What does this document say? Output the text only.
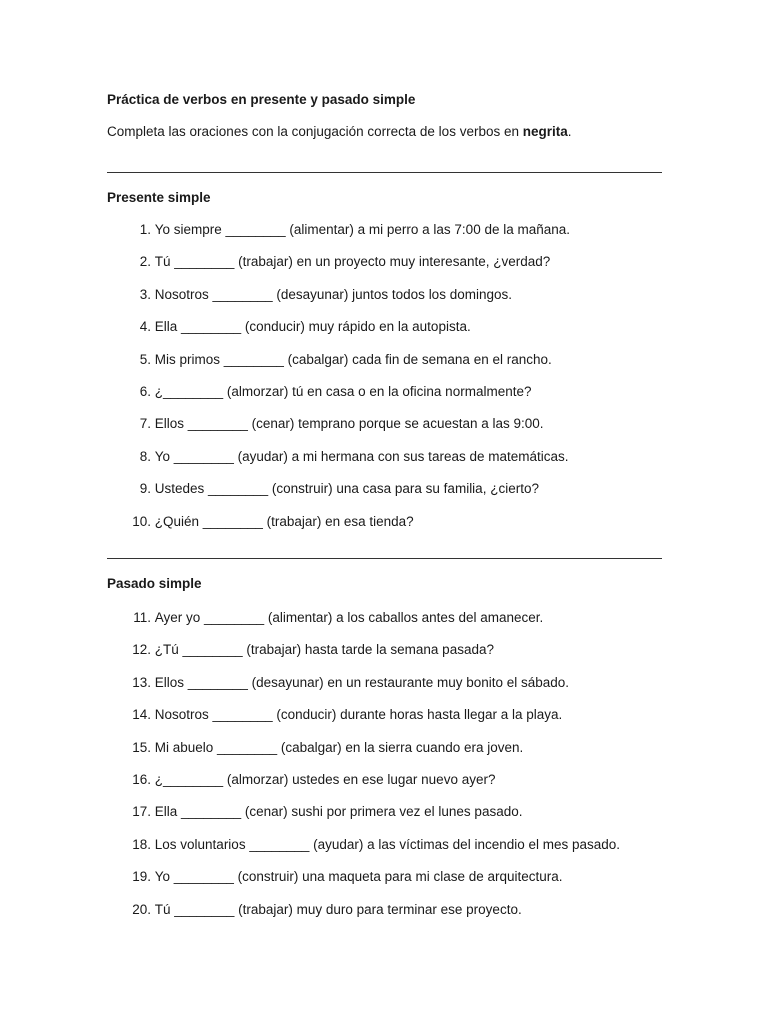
Práctica de verbos en presente y pasado simple
Completa las oraciones con la conjugación correcta de los verbos en negrita.
Presente simple
1. Yo siempre ________ (alimentar) a mi perro a las 7:00 de la mañana.
2. Tú ________ (trabajar) en un proyecto muy interesante, ¿verdad?
3. Nosotros ________ (desayunar) juntos todos los domingos.
4. Ella ________ (conducir) muy rápido en la autopista.
5. Mis primos ________ (cabalgar) cada fin de semana en el rancho.
6. ¿________ (almorzar) tú en casa o en la oficina normalmente?
7. Ellos ________ (cenar) temprano porque se acuestan a las 9:00.
8. Yo ________ (ayudar) a mi hermana con sus tareas de matemáticas.
9. Ustedes ________ (construir) una casa para su familia, ¿cierto?
10. ¿Quién ________ (trabajar) en esa tienda?
Pasado simple
11. Ayer yo ________ (alimentar) a los caballos antes del amanecer.
12. ¿Tú ________ (trabajar) hasta tarde la semana pasada?
13. Ellos ________ (desayunar) en un restaurante muy bonito el sábado.
14. Nosotros ________ (conducir) durante horas hasta llegar a la playa.
15. Mi abuelo ________ (cabalgar) en la sierra cuando era joven.
16. ¿________ (almorzar) ustedes en ese lugar nuevo ayer?
17. Ella ________ (cenar) sushi por primera vez el lunes pasado.
18. Los voluntarios ________ (ayudar) a las víctimas del incendio el mes pasado.
19. Yo ________ (construir) una maqueta para mi clase de arquitectura.
20. Tú ________ (trabajar) muy duro para terminar ese proyecto.
